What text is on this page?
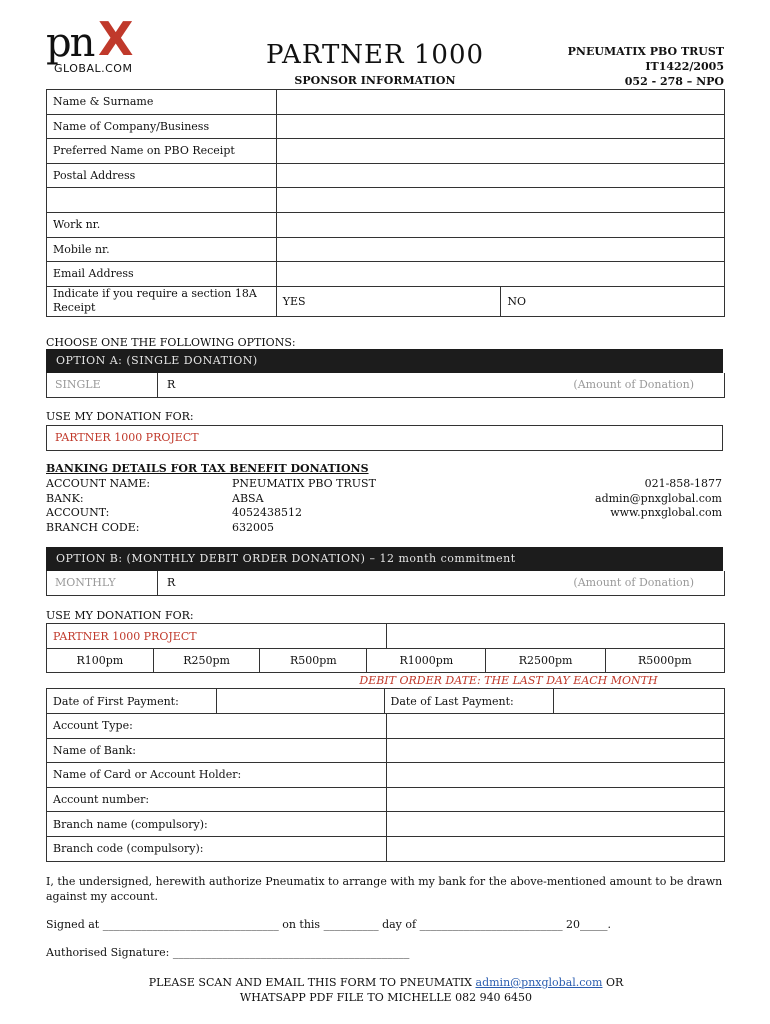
pn X
GLOBAL.COM	PARTNER 1000
SPONSOR INFORMATION
PNEUMATIX PBO TRUST
IT1422/2005
052 - 278 – NPO
Name & Surname		
Name of Company/Business		
Preferred Name on PBO Receipt		
Postal Address		

Work nr.		
Mobile nr.		
Email Address		
Indicate if you require a section 18A Receipt	YES	NO
CHOOSE ONE THE FOLLOWING OPTIONS:
OPTION A: (SINGLE DONATION)
SINGLE	R	(Amount of Donation)
USE MY DONATION FOR:
PARTNER 1000 PROJECT
BANKING DETAILS FOR TAX BENEFIT DONATIONS
ACCOUNT NAME:	PNEUMATIX PBO TRUST	021-858-1877
BANK:	ABSA	admin@pnxglobal.com
ACCOUNT:	4052438512	www.pnxglobal.com
BRANCH CODE:	632005
OPTION B: (MONTHLY DEBIT ORDER DONATION) – 12 month commitment
MONTHLY	R	(Amount of Donation)
USE MY DONATION FOR:
PARTNER 1000 PROJECT	
R100pm	R250pm	R500pm	R1000pm	R2500pm	R5000pm
DEBIT ORDER DATE: THE LAST DAY EACH MONTH
Date of First Payment:		Date of Last Payment:	
Account Type:	
Name of Bank:	
Name of Card or Account Holder:	
Account number:	
Branch name (compulsory):	
Branch code (compulsory):	
I, the undersigned, herewith authorize Pneumatix to arrange with my bank for the above-mentioned amount to be drawn against my account.
Signed at ________________________________ on this __________ day of __________________________ 20_____.
Authorised Signature: ___________________________________________
PLEASE SCAN AND EMAIL THIS FORM TO PNEUMATIX admin@pnxglobal.com OR
WHATSAPP PDF FILE TO MICHELLE 082 940 6450
